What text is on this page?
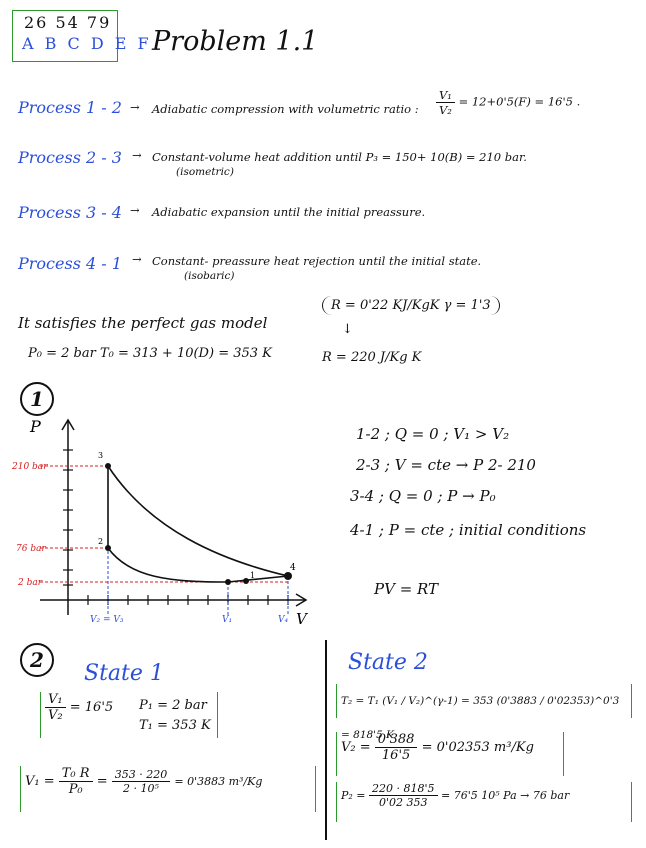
26 54 79
A B C D E F Problem 1.1
Process 1 - 2 → Adiabatic compression with volumetric ratio : $\frac{\text{V₁}}{\text{V₂}} = 12+0'5(F) = 16'5$ .
Process 2 - 3 → Constant-volume heat addition until P₃ = 150+ 10(B) = 210 bar.
(isometric)
Process 3 - 4 → Adiabatic expansion until the initial preassure.
Process 4 - 1 → Constant- preassure heat rejection until the initial state.
(isobaric)
It satisfies the perfect gas model
R = 0'22 KJ/KgK γ = 1'3
↓
P₀ = 2 bar T₀ = 313 + 10(D) = 353 K	R = 220 J/Kg K
1
P
V
210 bar
76 bar
2 bar
V₂ = V₃	V₁	V₄
1
2
3
4
1-2 ; Q = 0 ; V₁ > V₂
2-3 ; V = cte → P 2- 210
3-4 ; Q = 0 ; P → P₀
4-1 ; P = cte ; initial conditions
PV = RT
2
State 1
$\frac{\text{V₁}}{\text{V₂}} = 16'5$ P₁ = 2 bar
T₁ = 353 K
$V_1 = \frac{\text{T₀ R}}{\text{P₀}} = \frac{353 \cdot 220}{\text{2 · 10⁵}} = 0'3883$ m³/Kg
State 2
T₂ = T₁ (V₁ / V₂)^(γ-1) = 353 (0'3883 / 0'02353)^0'3 = 818'5 K
$V_2 = \frac{0'388}{16'5} = 0'02353$ m³/Kg
$P_2 = \frac{220 \cdot 818'5}{0'02 353} = 76'5$ 10⁵ Pa → 76 bar
